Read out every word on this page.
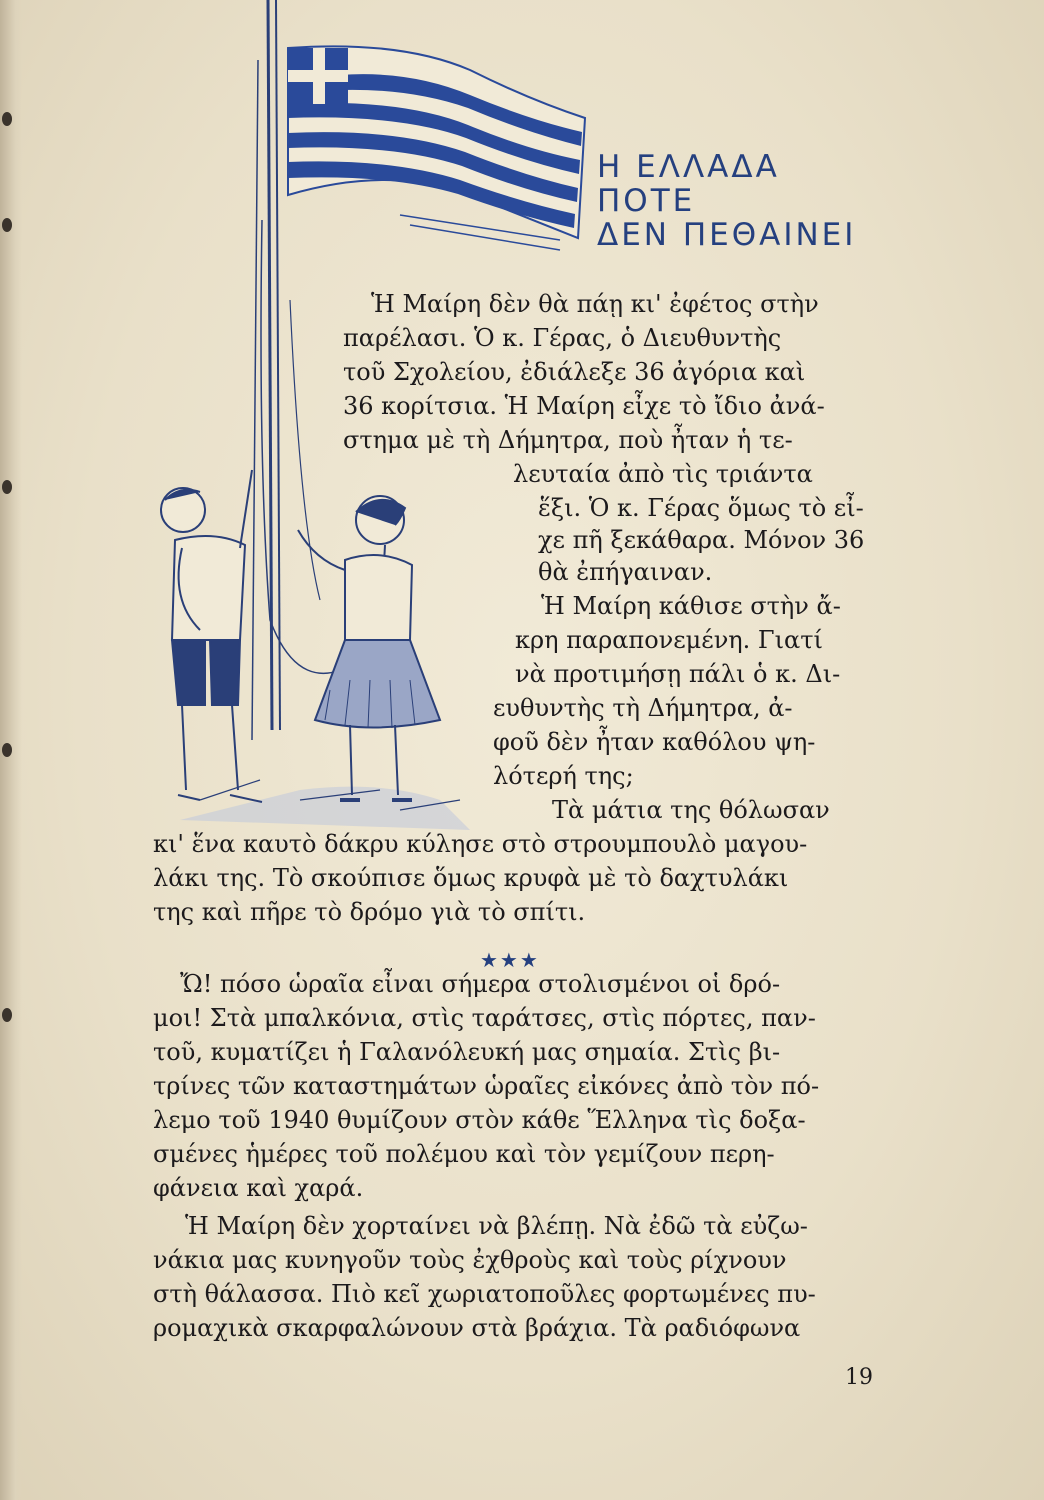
Η ΕΛΛΑΔΑ
ΠΟΤΕ
ΔΕΝ ΠΕΘΑΙΝΕΙ
Ἡ Μαίρη δὲν θὰ πάῃ κι' ἐφέτος στὴν
παρέλασι. Ὁ κ. Γέρας, ὁ Διευθυντὴς
τοῦ Σχολείου, ἐδιάλεξε 36 ἀγόρια καὶ
36 κορίτσια. Ἡ Μαίρη εἶχε τὸ ἴδιο ἀνά-
στημα μὲ τὴ Δήμητρα, ποὺ ἦταν ἡ τε-
λευταία ἀπὸ τὶς τριάντα
ἕξι. Ὁ κ. Γέρας ὅμως τὸ εἶ-
χε πῆ ξεκάθαρα. Μόνον 36
θὰ ἐπήγαιναν.
Ἡ Μαίρη κάθισε στὴν ἄ-
κρη παραπονεμένη. Γιατί
νὰ προτιμήσῃ πάλι ὁ κ. Δι-
ευθυντὴς τὴ Δήμητρα, ἀ-
φοῦ δὲν ἦταν καθόλου ψη-
λότερή της;
Τὰ μάτια της θόλωσαν
κι' ἕνα καυτὸ δάκρυ κύλησε στὸ στρουμπουλὸ μαγου-
λάκι της. Τὸ σκούπισε ὅμως κρυφὰ μὲ τὸ δαχτυλάκι
της καὶ πῆρε τὸ δρόμο γιὰ τὸ σπίτι.
★★★
Ὤ! πόσο ὡραῖα εἶναι σήμερα στολισμένοι οἱ δρό-
μοι! Στὰ μπαλκόνια, στὶς ταράτσες, στὶς πόρτες, παν-
τοῦ, κυματίζει ἡ Γαλανόλευκή μας σημαία. Στὶς βι-
τρίνες τῶν καταστημάτων ὡραῖες εἰκόνες ἀπὸ τὸν πό-
λεμο τοῦ 1940 θυμίζουν στὸν κάθε Ἕλληνα τὶς δοξα-
σμένες ἡμέρες τοῦ πολέμου καὶ τὸν γεμίζουν περη-
φάνεια καὶ χαρά.
Ἡ Μαίρη δὲν χορταίνει νὰ βλέπῃ. Νὰ ἐδῶ τὰ εὐζω-
νάκια μας κυνηγοῦν τοὺς ἐχθροὺς καὶ τοὺς ρίχνουν
στὴ θάλασσα. Πιὸ κεῖ χωριατοποῦλες φορτωμένες πυ-
ρομαχικὰ σκαρφαλώνουν στὰ βράχια. Τὰ ραδιόφωνα
19
